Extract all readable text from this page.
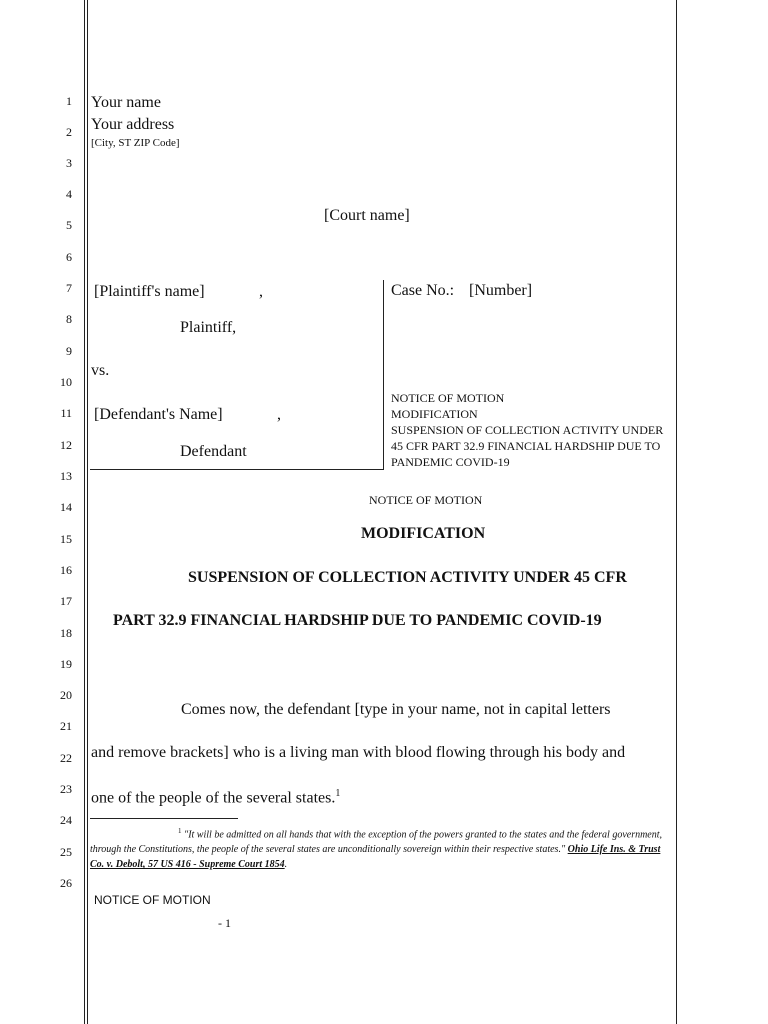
1
2
3
4
5
6
7
8
9
10
11
12
13
14
15
16
17
18
19
20
21
22
23
24
25
26
Your name
Your address
[City, ST ZIP Code]
[Court name]
[Plaintiff's name]	,
Plaintiff,
vs.
[Defendant's Name]	,
Defendant
Case No.: [Number]
NOTICE OF MOTION
MODIFICATION
SUSPENSION OF COLLECTION ACTIVITY UNDER
45 CFR PART 32.9 FINANCIAL HARDSHIP DUE TO
PANDEMIC COVID-19
NOTICE OF MOTION
MODIFICATION
SUSPENSION OF COLLECTION ACTIVITY UNDER 45 CFR
PART 32.9 FINANCIAL HARDSHIP DUE TO PANDEMIC COVID-19
Comes now, the defendant [type in your name, not in capital letters
and remove brackets] who is a living man with blood flowing through his body and
one of the people of the several states.$^1$
$^1$ "It will be admitted on all hands that with the exception of the powers granted to the states and the federal government, through the Constitutions, the people of the several states are unconditionally sovereign within their respective states." Ohio Life Ins. & Trust Co. v. Debolt, 57 US 416 - Supreme Court 1854.
NOTICE OF MOTION
- 1
